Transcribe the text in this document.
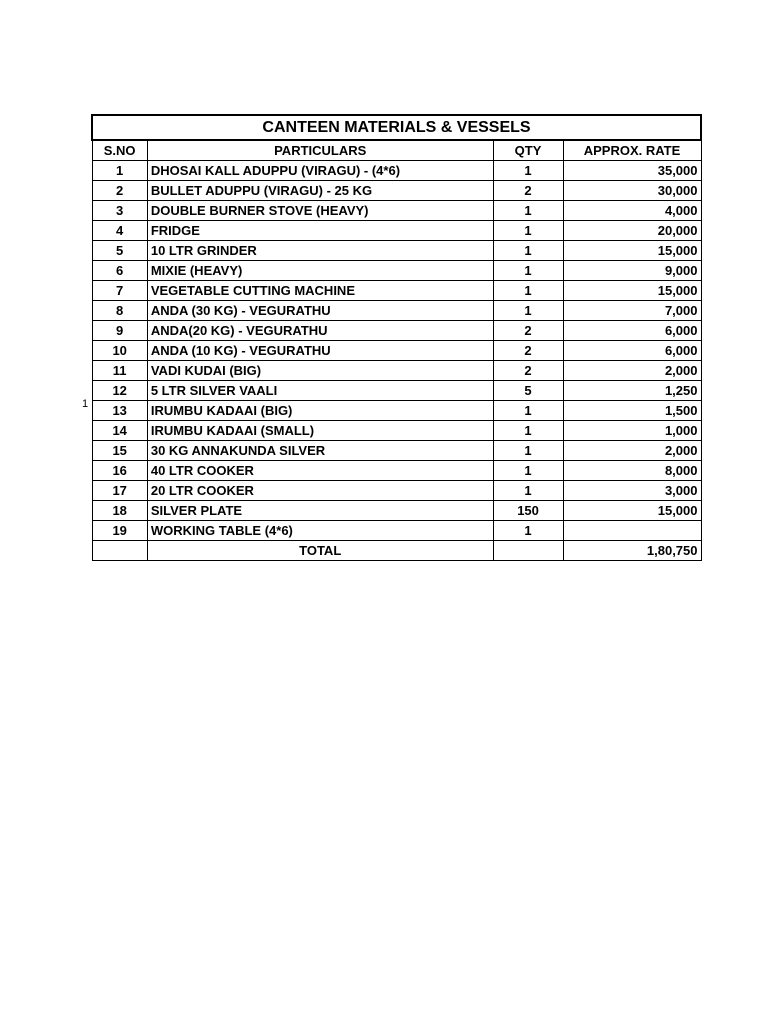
1
CANTEEN MATERIALS & VESSELS			
S.NO	PARTICULARS	QTY	APPROX. RATE
1	DHOSAI KALL ADUPPU (VIRAGU) - (4*6)	1	35,000
2	BULLET ADUPPU (VIRAGU) - 25 KG	2	30,000
3	DOUBLE BURNER STOVE (HEAVY)	1	4,000
4	FRIDGE	1	20,000
5	10 LTR GRINDER	1	15,000
6	MIXIE (HEAVY)	1	9,000
7	VEGETABLE CUTTING MACHINE	1	15,000
8	ANDA (30 KG) - VEGURATHU	1	7,000
9	ANDA(20 KG) - VEGURATHU	2	6,000
10	ANDA (10 KG) - VEGURATHU	2	6,000
11	VADI KUDAI (BIG)	2	2,000
12	5 LTR SILVER VAALI	5	1,250
13	IRUMBU KADAAI (BIG)	1	1,500
14	IRUMBU KADAAI (SMALL)	1	1,000
15	30 KG ANNAKUNDA SILVER	1	2,000
16	40 LTR COOKER	1	8,000
17	20 LTR COOKER	1	3,000
18	SILVER PLATE	150	15,000
19	WORKING TABLE (4*6)	1	
	TOTAL		1,80,750
